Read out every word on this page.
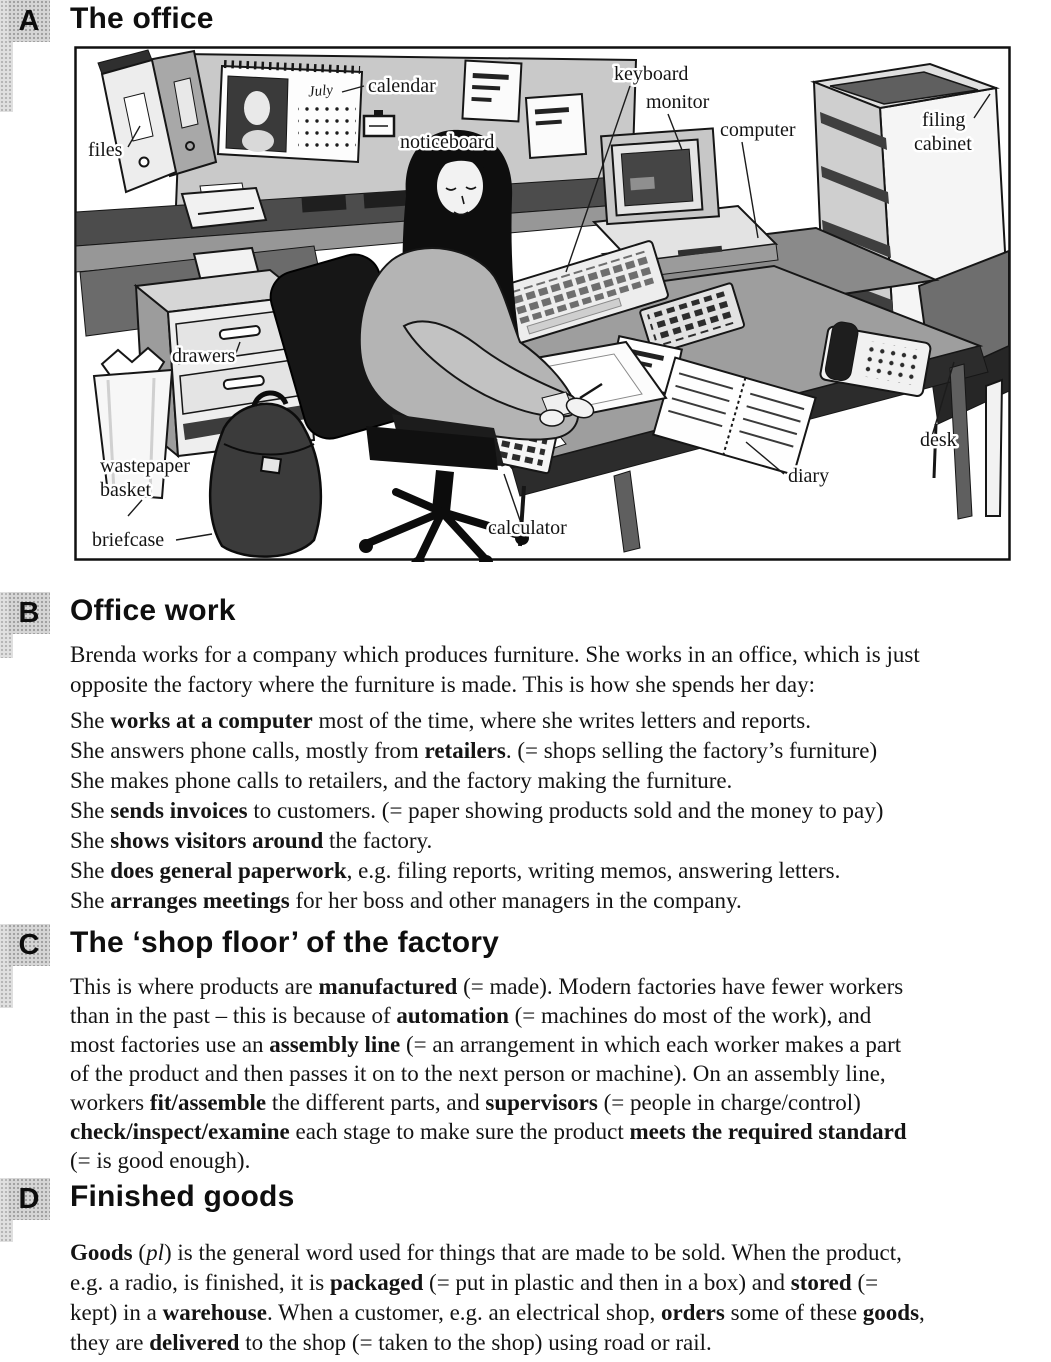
A	The office
July
files
calendar
noticeboard
keyboard
monitor
computer	filing
cabinet
drawers
wastepaper
basket
briefcase
calculator
diary
desk
B	Office work
Brenda works for a company which produces furniture. She works in an office, which is just
opposite the factory where the furniture is made. This is how she spends her day:
She works at a computer most of the time, where she writes letters and reports.
She answers phone calls, mostly from retailers. (= shops selling the factory’s furniture)
She makes phone calls to retailers, and the factory making the furniture.
She sends invoices to customers. (= paper showing products sold and the money to pay)
She shows visitors around the factory.
She does general paperwork, e.g. filing reports, writing memos, answering letters.
She arranges meetings for her boss and other managers in the company.
C	The ‘shop floor’ of the factory
This is where products are manufactured (= made). Modern factories have fewer workers
than in the past – this is because of automation (= machines do most of the work), and
most factories use an assembly line (= an arrangement in which each worker makes a part
of the product and then passes it on to the next person or machine). On an assembly line,
workers fit/assemble the different parts, and supervisors (= people in charge/control)
check/inspect/examine each stage to make sure the product meets the required standard
(= is good enough).
D	Finished goods
Goods (pl) is the general word used for things that are made to be sold. When the product,
e.g. a radio, is finished, it is packaged (= put in plastic and then in a box) and stored (=
kept) in a warehouse. When a customer, e.g. an electrical shop, orders some of these goods,
they are delivered to the shop (= taken to the shop) using road or rail.
